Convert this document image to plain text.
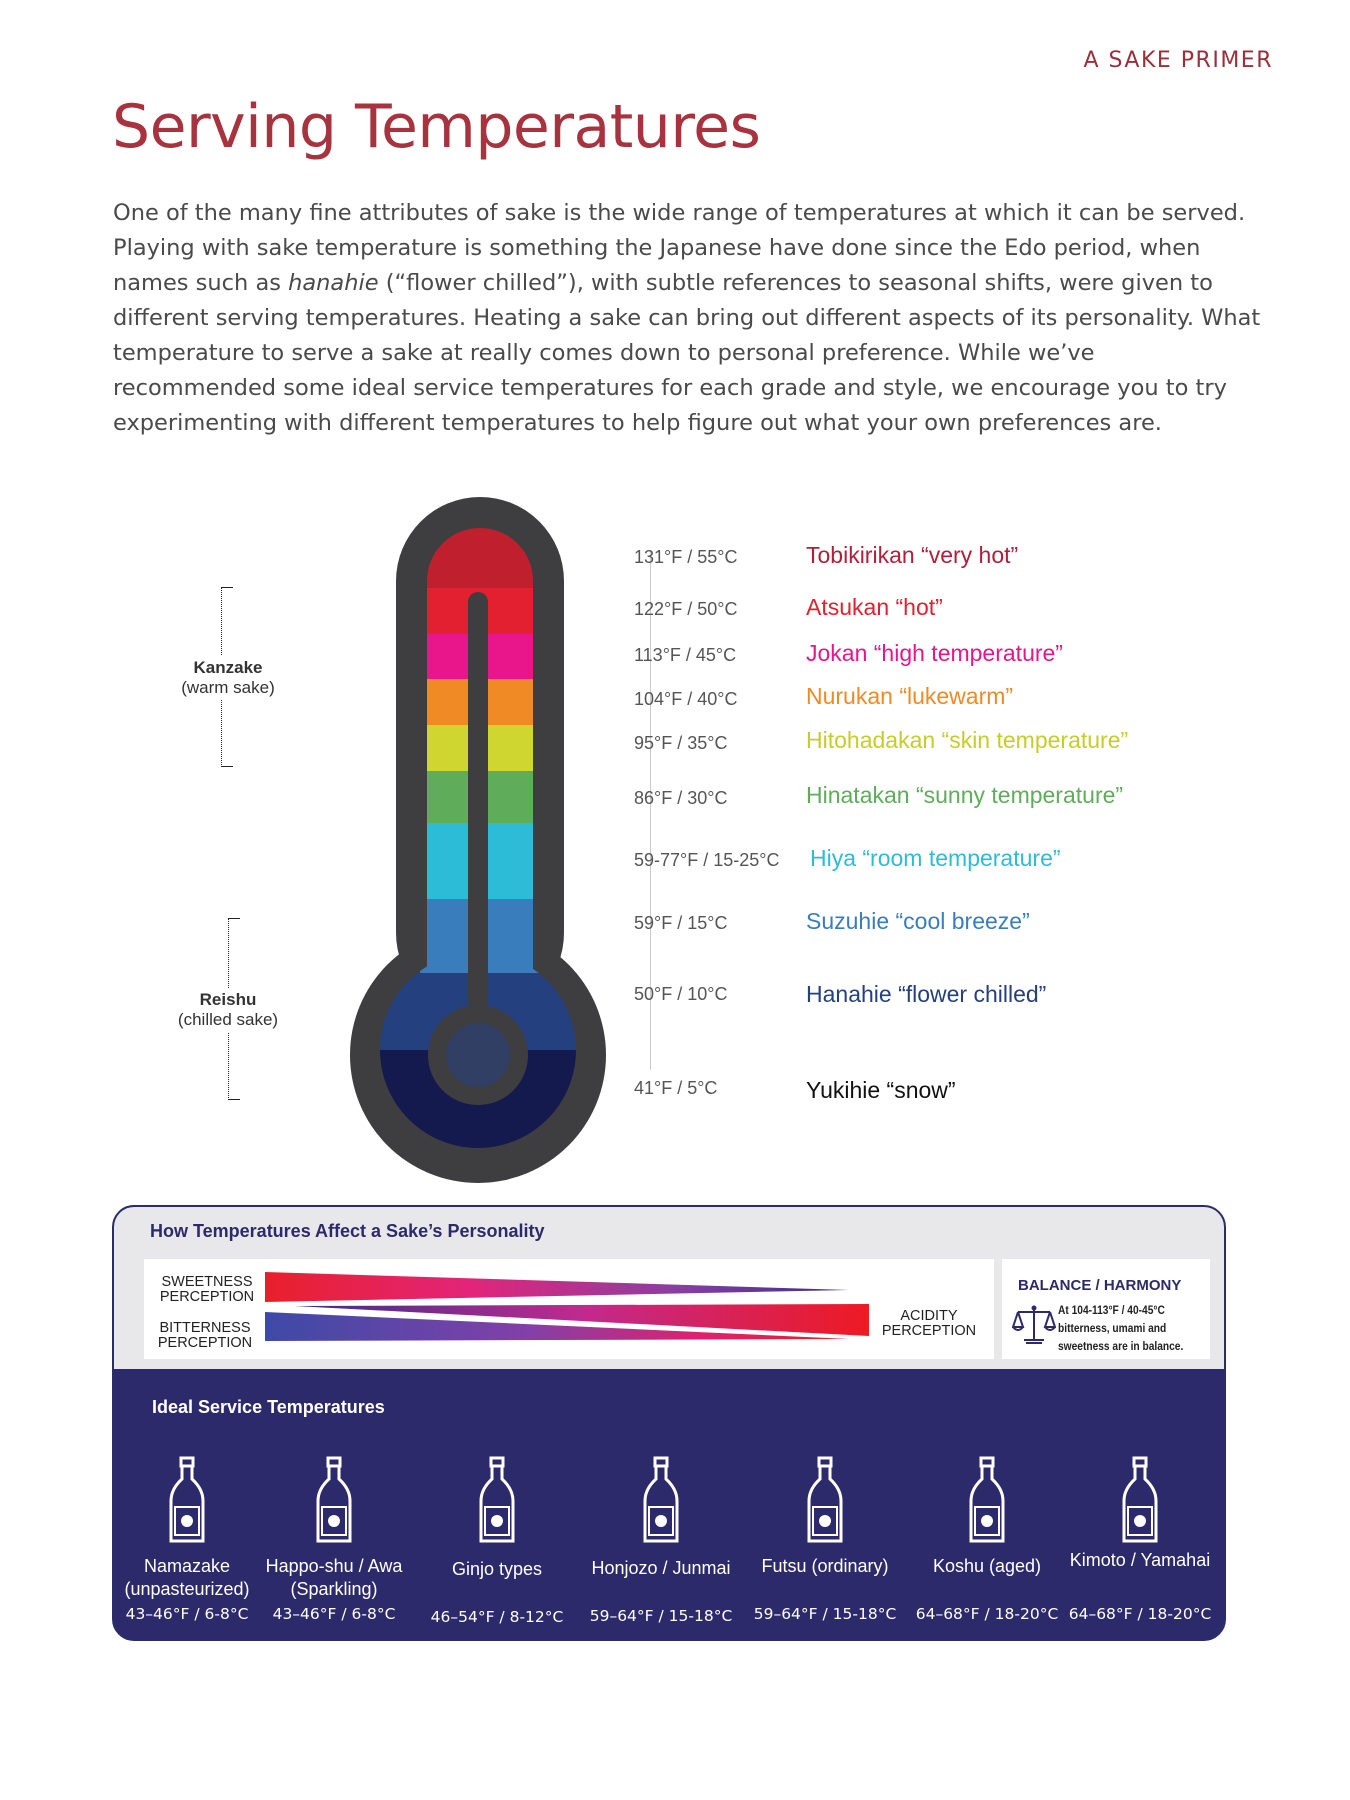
A SAKE PRIMER
Serving Temperatures

One of the many fine attributes of sake is the wide range of temperatures at which it can be served. Playing with sake temperature is something the Japanese have done since the Edo period, when names such as hanahie (“flower chilled”), with subtle references to seasonal shifts, were given to different serving temperatures. Heating a sake can bring out different aspects of its personality. What temperature to serve a sake at really comes down to personal preference. While we’ve recommended some ideal service temperatures for each grade and style, we encourage you to try experimenting with different temperatures to help figure out what your own preferences are.

Kanzake
(warm sake)
Reishu
(chilled sake)
131°F / 55°C	Tobikirikan “very hot”
122°F / 50°C	Atsukan “hot”
113°F / 45°C	Jokan “high temperature”
104°F / 40°C	Nurukan “lukewarm”
95°F / 35°C	Hitohadakan “skin temperature”
86°F / 30°C	Hinatakan “sunny temperature”
59-77°F / 15-25°C Hiya “room temperature”
59°F / 15°C	Suzuhie “cool breeze”
50°F / 10°C	Hanahie “flower chilled”
41°F / 5°C	Yukihie “snow”
How Temperatures Affect a Sake’s Personality
SWEETNESS
PERCEPTION
BITTERNESS
PERCEPTION
ACIDITY
PERCEPTION
BALANCE / HARMONY
At 104-113°F / 40-45°C bitterness, umami and sweetness are in balance.
Ideal Service Temperatures
Namazake (unpasteurized)
43–46°F / 6-8°C
Happo-shu / Awa (Sparkling)
43–46°F / 6-8°C
Ginjo types
46–54°F / 8-12°C
Honjozo / Junmai
59–64°F / 15-18°C
Futsu (ordinary)
59–64°F / 15-18°C
Koshu (aged)
64–68°F / 18-20°C
Kimoto / Yamahai
64–68°F / 18-20°C
